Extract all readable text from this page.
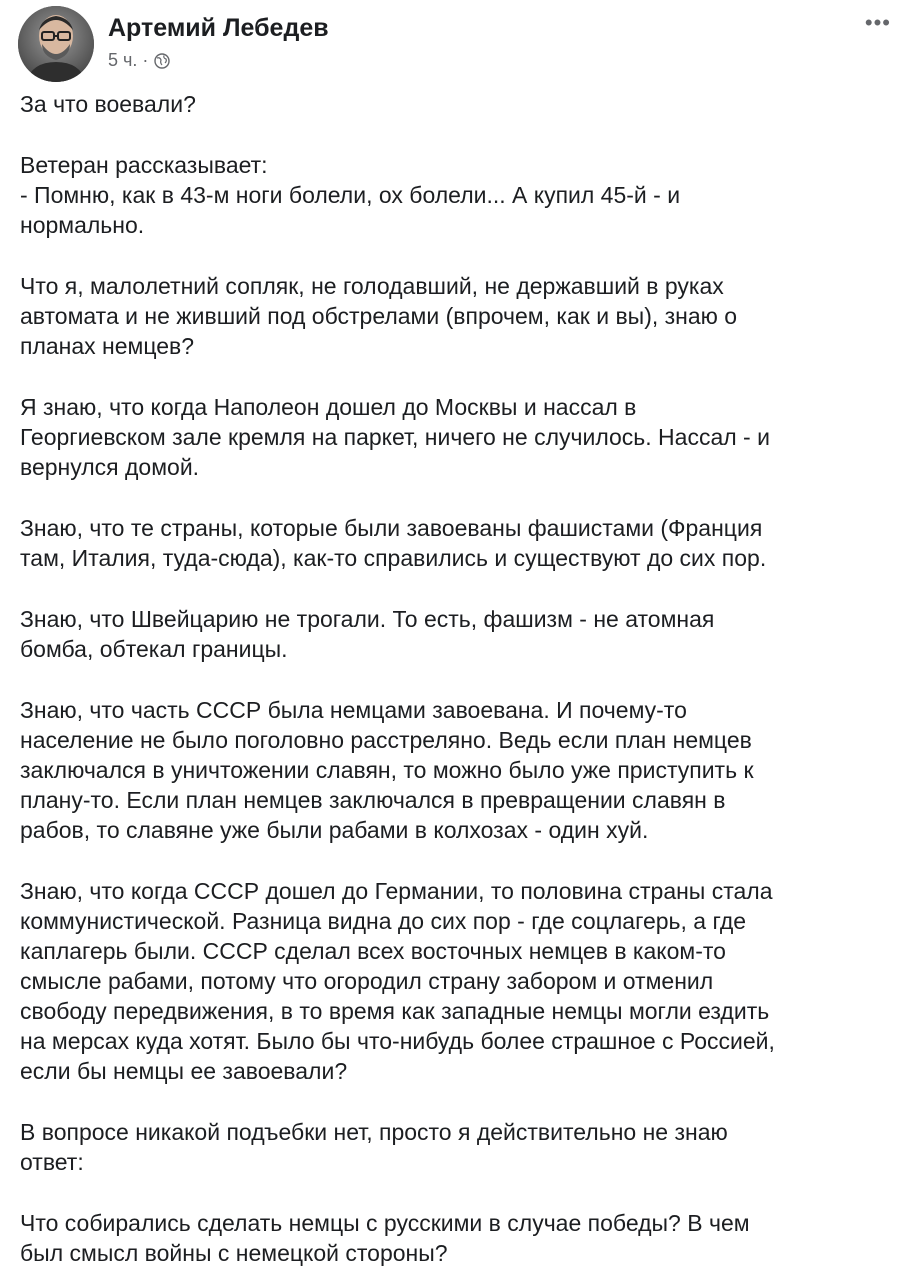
Артемий Лебедев
5 ч. ·
•••

За что воевали?

Ветеран рассказывает:
- Помню, как в 43-м ноги болели, ох болели... А купил 45-й - и
нормально.

Что я, малолетний сопляк, не голодавший, не державший в руках
автомата и не живший под обстрелами (впрочем, как и вы), знаю о
планах немцев?

Я знаю, что когда Наполеон дошел до Москвы и нассал в
Георгиевском зале кремля на паркет, ничего не случилось. Нассал - и
вернулся домой.

Знаю, что те страны, которые были завоеваны фашистами (Франция
там, Италия, туда-сюда), как-то справились и существуют до сих пор.

Знаю, что Швейцарию не трогали. То есть, фашизм - не атомная
бомба, обтекал границы.

Знаю, что часть СССР была немцами завоевана. И почему-то
население не было поголовно расстреляно. Ведь если план немцев
заключался в уничтожении славян, то можно было уже приступить к
плану-то. Если план немцев заключался в превращении славян в
рабов, то славяне уже были рабами в колхозах - один хуй.

Знаю, что когда СССР дошел до Германии, то половина страны стала
коммунистической. Разница видна до сих пор - где соцлагерь, а где
каплагерь были. СССР сделал всех восточных немцев в каком-то
смысле рабами, потому что огородил страну забором и отменил
свободу передвижения, в то время как западные немцы могли ездить
на мерсах куда хотят. Было бы что-нибудь более страшное с Россией,
если бы немцы ее завоевали?

В вопросе никакой подъебки нет, просто я действительно не знаю
ответ:

Что собирались сделать немцы с русскими в случае победы? В чем
был смысл войны с немецкой стороны?
